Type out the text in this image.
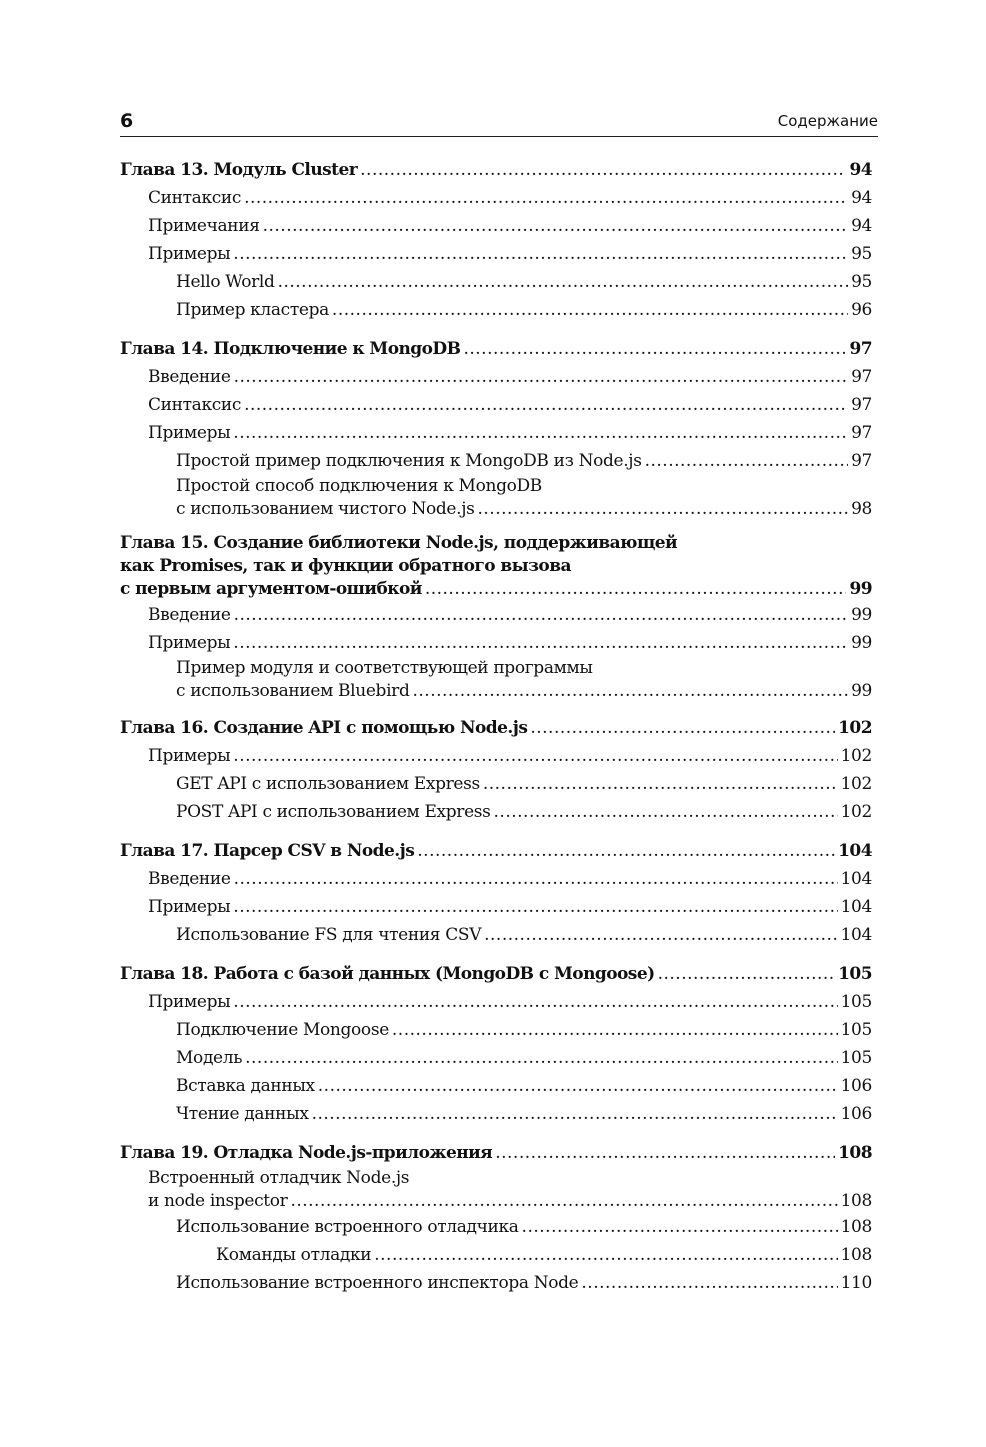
6	Содержание
Глава 13. Модуль Cluster .....	94
Синтаксис .....	94
Примечания .....	94
Примеры .....	95
Hello World .....	95
Пример кластера .....	96
Глава 14. Подключение к MongoDB .....	97
Введение .....	97
Синтаксис .....	97
Примеры .....	97
Простой пример подключения к MongoDB из Node.js .....	97
Простой способ подключения к MongoDB
с использованием чистого Node.js .....	98
Глава 15. Создание библиотеки Node.js, поддерживающей
как Promises, так и функции обратного вызова
с первым аргументом-ошибкой .....	99
Введение .....	99
Примеры .....	99
Пример модуля и соответствующей программы
с использованием Bluebird .....	99
Глава 16. Создание API с помощью Node.js .....	102
Примеры .....	102
GET API с использованием Express .....	102
POST API с использованием Express .....	102
Глава 17. Парсер CSV в Node.js .....	104
Введение .....	104
Примеры .....	104
Использование FS для чтения CSV .....	104
Глава 18. Работа с базой данных (MongoDB с Mongoose) .....	105
Примеры .....	105
Подключение Mongoose .....	105
Модель .....	105
Вставка данных .....	106
Чтение данных .....	106
Глава 19. Отладка Node.js-приложения .....	108
Встроенный отладчик Node.js
и node inspector .....	108
Использование встроенного отладчика .....	108
Команды отладки .....	108
Использование встроенного инспектора Node .....	110
